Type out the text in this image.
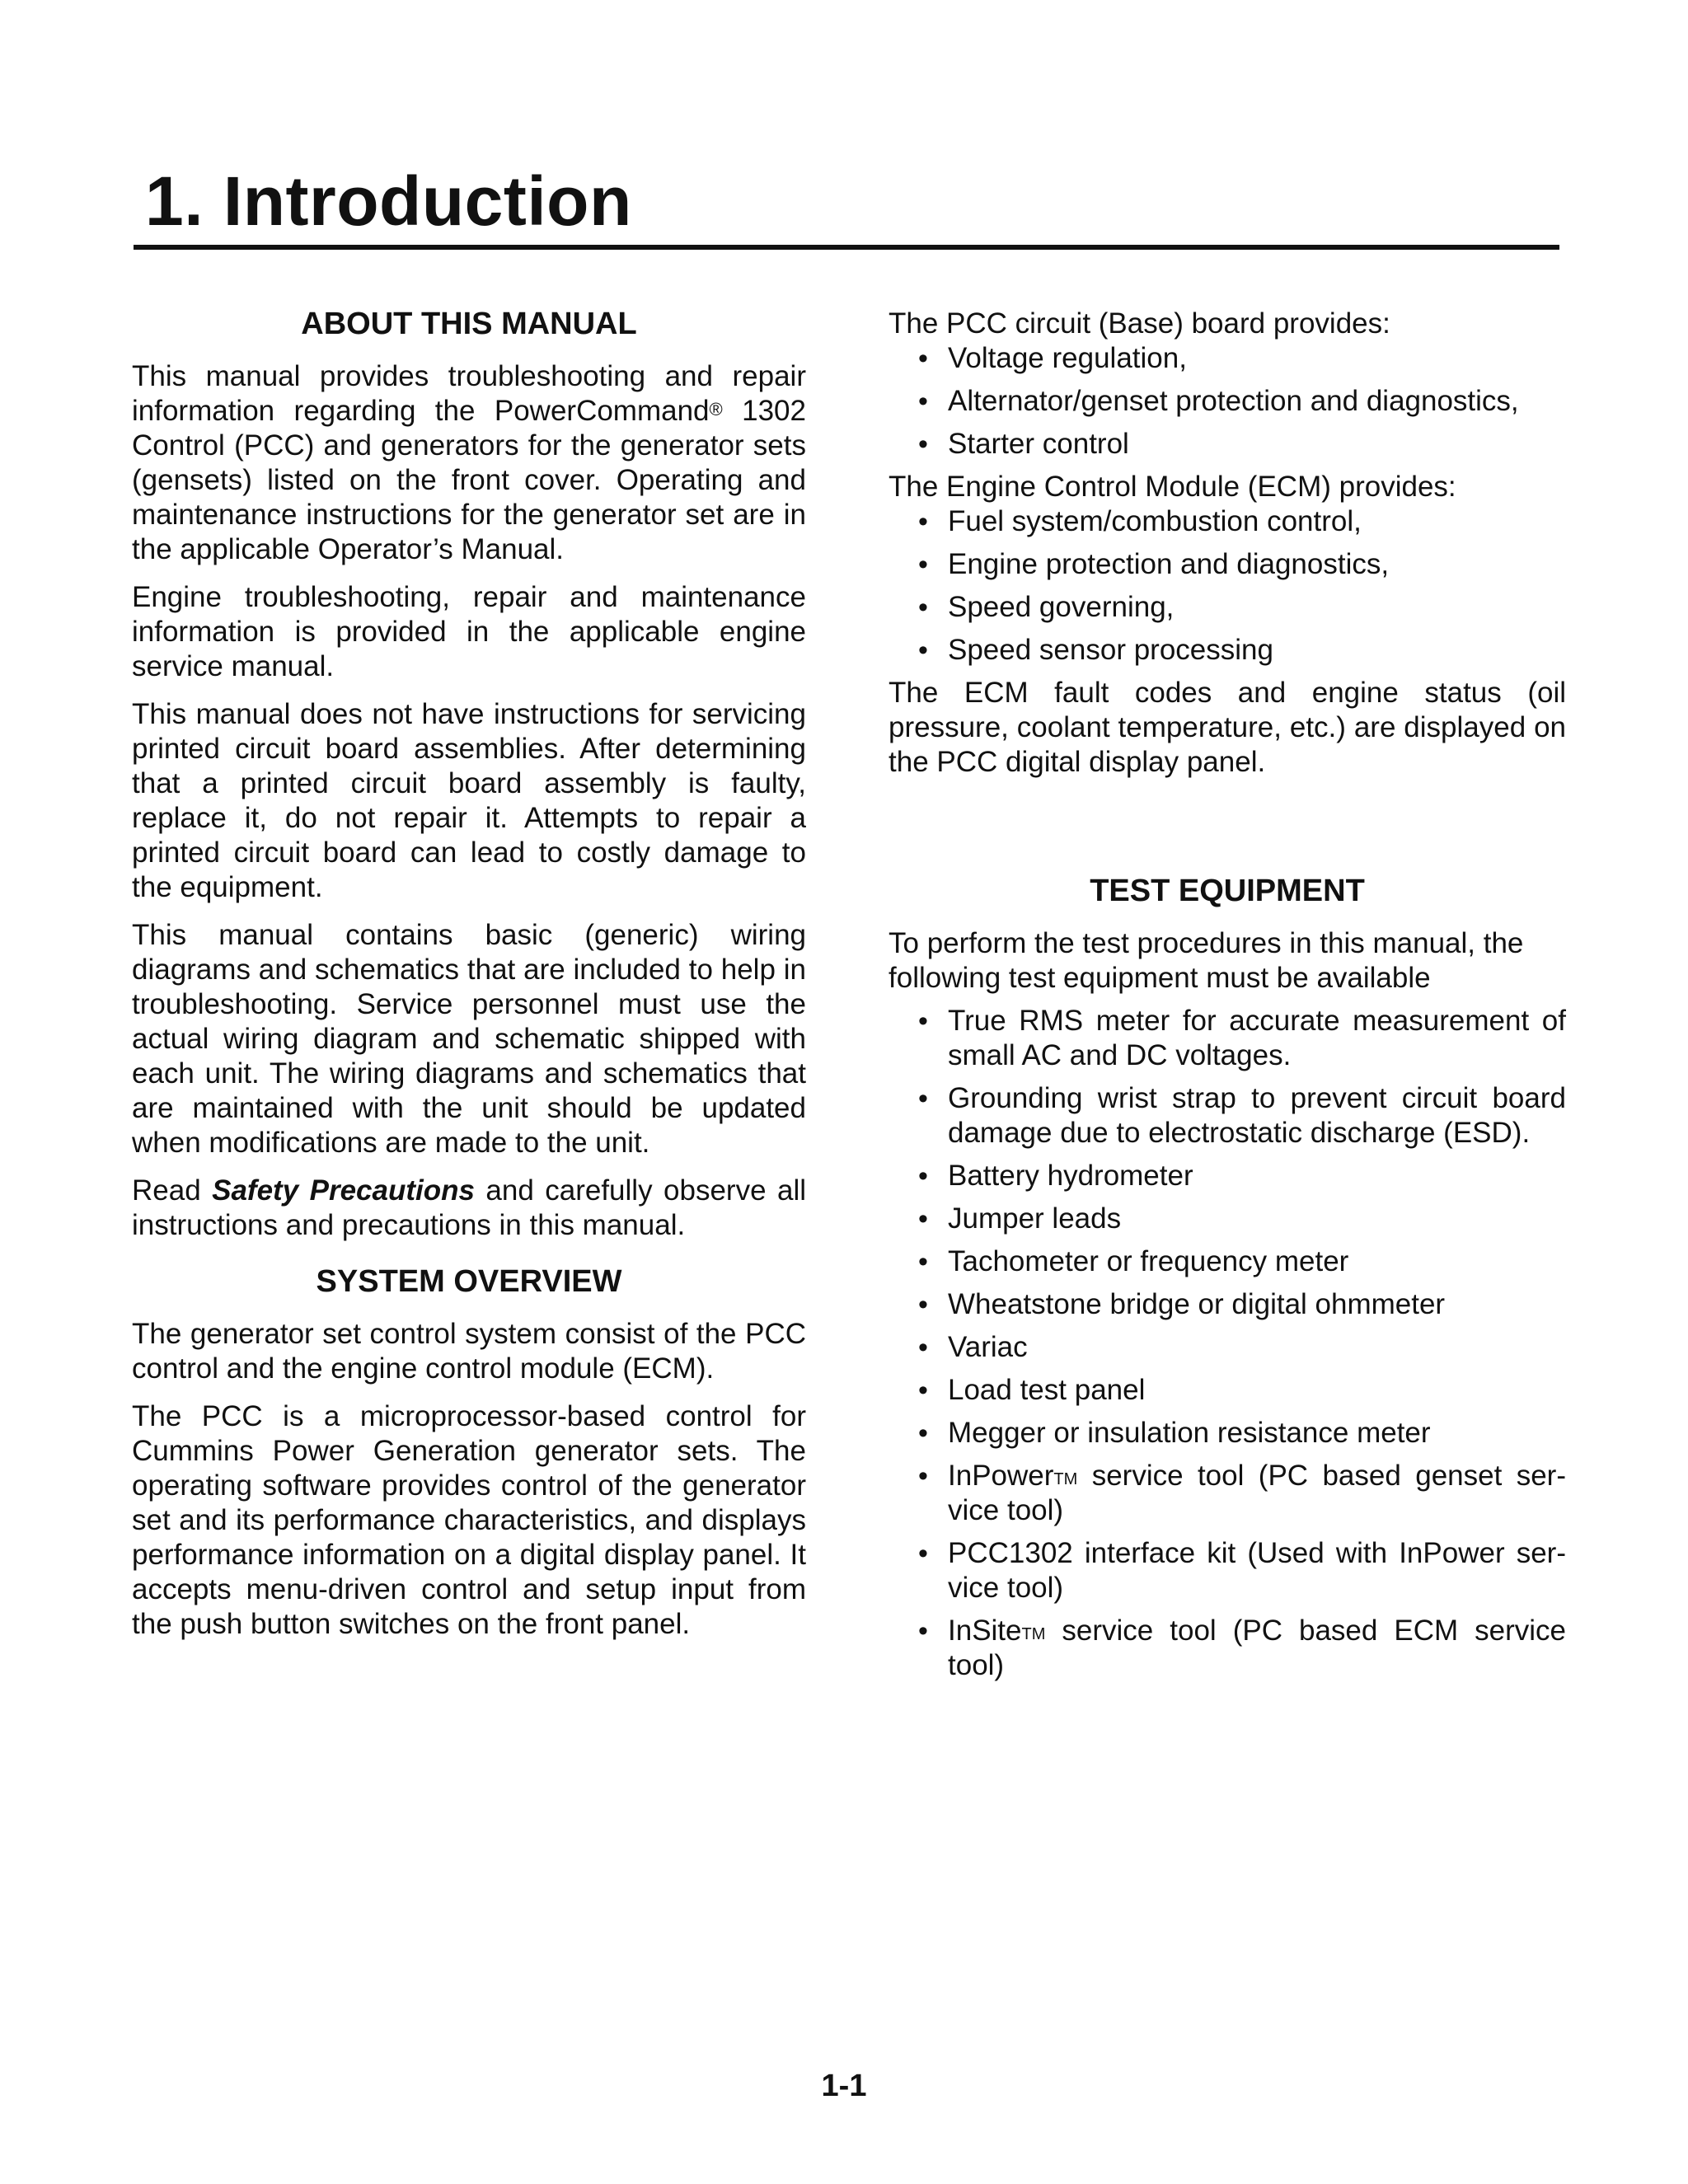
1. Introduction
ABOUT THIS MANUAL

This manual provides troubleshooting and repair information regarding the PowerCommand® 1302 Control (PCC) and generators for the generator sets (gensets) listed on the front cover. Operating and maintenance instructions for the generator set are in the applicable Operator’s Manual.

Engine troubleshooting, repair and maintenance information is provided in the applicable engine service manual.

This manual does not have instructions for servicing printed circuit board assemblies. After determining that a printed circuit board assembly is faulty, replace it, do not repair it. Attempts to repair a printed circuit board can lead to costly damage to the equipment.

This manual contains basic (generic) wiring diagrams and schematics that are included to help in troubleshooting. Service personnel must use the actual wiring diagram and schematic shipped with each unit. The wiring diagrams and schematics that are maintained with the unit should be updated when modifications are made to the unit.

Read Safety Precautions and carefully observe all instructions and precautions in this manual.

SYSTEM OVERVIEW

The generator set control system consist of the PCC control and the engine control module (ECM).

The PCC is a microprocessor-based control for Cummins Power Generation generator sets. The operating software provides control of the generator set and its performance characteristics, and displays performance information on a digital display panel. It accepts menu-driven control and setup input from the push button switches on the front panel.

The PCC circuit (Base) board provides:

• Voltage regulation,
• Alternator/genset protection and diagnostics,
• Starter control

The Engine Control Module (ECM) provides:

• Fuel system/combustion control,
• Engine protection and diagnostics,
• Speed governing,
• Speed sensor processing

The ECM fault codes and engine status (oil pressure, coolant temperature, etc.) are displayed on the PCC digital display panel.

TEST EQUIPMENT

To perform the test procedures in this manual, the following test equipment must be available

• True RMS meter for accurate measurement of small AC and DC voltages.
• Grounding wrist strap to prevent circuit board damage due to electrostatic discharge (ESD).
• Battery hydrometer
• Jumper leads
• Tachometer or frequency meter
• Wheatstone bridge or digital ohmmeter
• Variac
• Load test panel
• Megger or insulation resistance meter
• InPower™ service tool (PC based genset ser-vice tool)
• PCC1302 interface kit (Used with InPower ser-vice tool)
• InSite™ service tool (PC based ECM service tool)
1-1
